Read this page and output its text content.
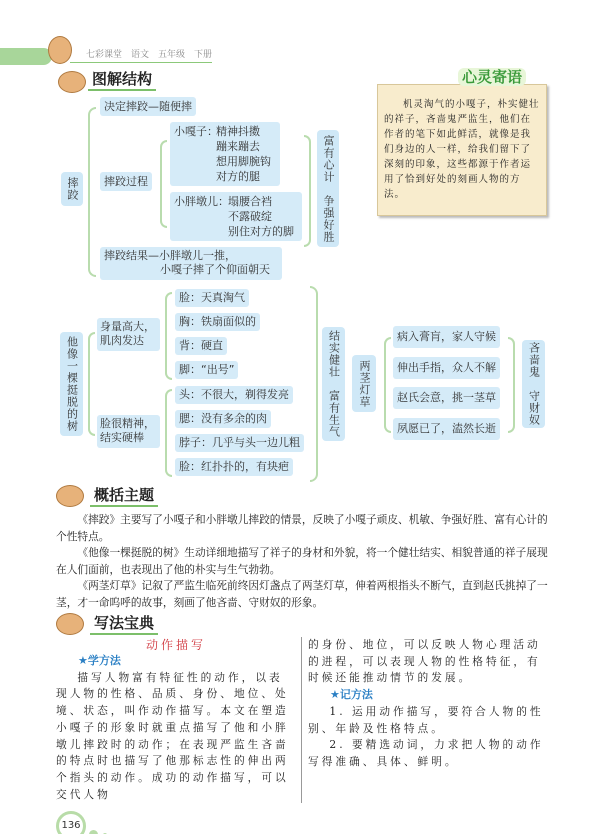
七彩课堂　语文　五年级　下册
图解结构
机灵淘气的小嘎子，朴实健壮的祥子，吝啬鬼严监生，他们在作者的笔下如此鲜活，就像是我们身边的人一样，给我们留下了深刻的印象，这些都源于作者运用了恰到好处的刻画人物的方法。
心灵寄语
摔跤
决定摔跤—随便摔
摔跤过程
小嘎子：
精神抖擞
蹦来蹦去
想用脚腕钩
对方的腿
小胖墩儿： 塌腰合裆
不露破绽
别住对方的脚
摔跤结果—小胖墩儿一推，
小嘎子摔了个仰面朝天
富有心计　争强好胜
他像一棵挺脱的树
身量高大，肌肉发达
脸很精神，结实硬棒
脸：天真淘气
胸：铁扇面似的
背：硬直
脚：“出号”
头：不很大，剃得发亮
腮：没有多余的肉
脖子：几乎与头一边儿粗
脸：红扑扑的，有块疤
结实健壮　富有生气	两茎灯草
病入膏肓，家人守候
伸出手指，众人不解
赵氏会意，挑一茎草
夙愿已了，溘然长逝
吝啬鬼　守财奴
概括主题

《摔跤》主要写了小嘎子和小胖墩儿摔跤的情景，反映了小嘎子顽皮、机敏、争强好胜、富有心计的个性特点。

《他像一棵挺脱的树》生动详细地描写了祥子的身材和外貌，将一个健壮结实、相貌普通的祥子展现在人们面前，也表现出了他的朴实与生气勃勃。

《两茎灯草》记叙了严监生临死前终因灯盏点了两茎灯草，伸着两根指头不断气，直到赵氏挑掉了一茎，才一命呜呼的故事，刻画了他吝啬、守财奴的形象。

写法宝典
动作描写

★学方法

描写人物富有特征性的动作，以表现人物的性格、品质、身份、地位、处境、状态，叫作动作描写。本文在塑造小嘎子的形象时就重点描写了他和小胖墩儿摔跤时的动作；在表现严监生吝啬的特点时也描写了他那标志性的伸出两个指头的动作。成功的动作描写，可以交代人物

的身份、地位，可以反映人物心理活动的进程，可以表现人物的性格特征，有时候还能推动情节的发展。

★记方法

1. 运用动作描写，要符合人物的性别、年龄及性格特点。

2. 要精选动词，力求把人物的动作写得准确、具体、鲜明。

136
